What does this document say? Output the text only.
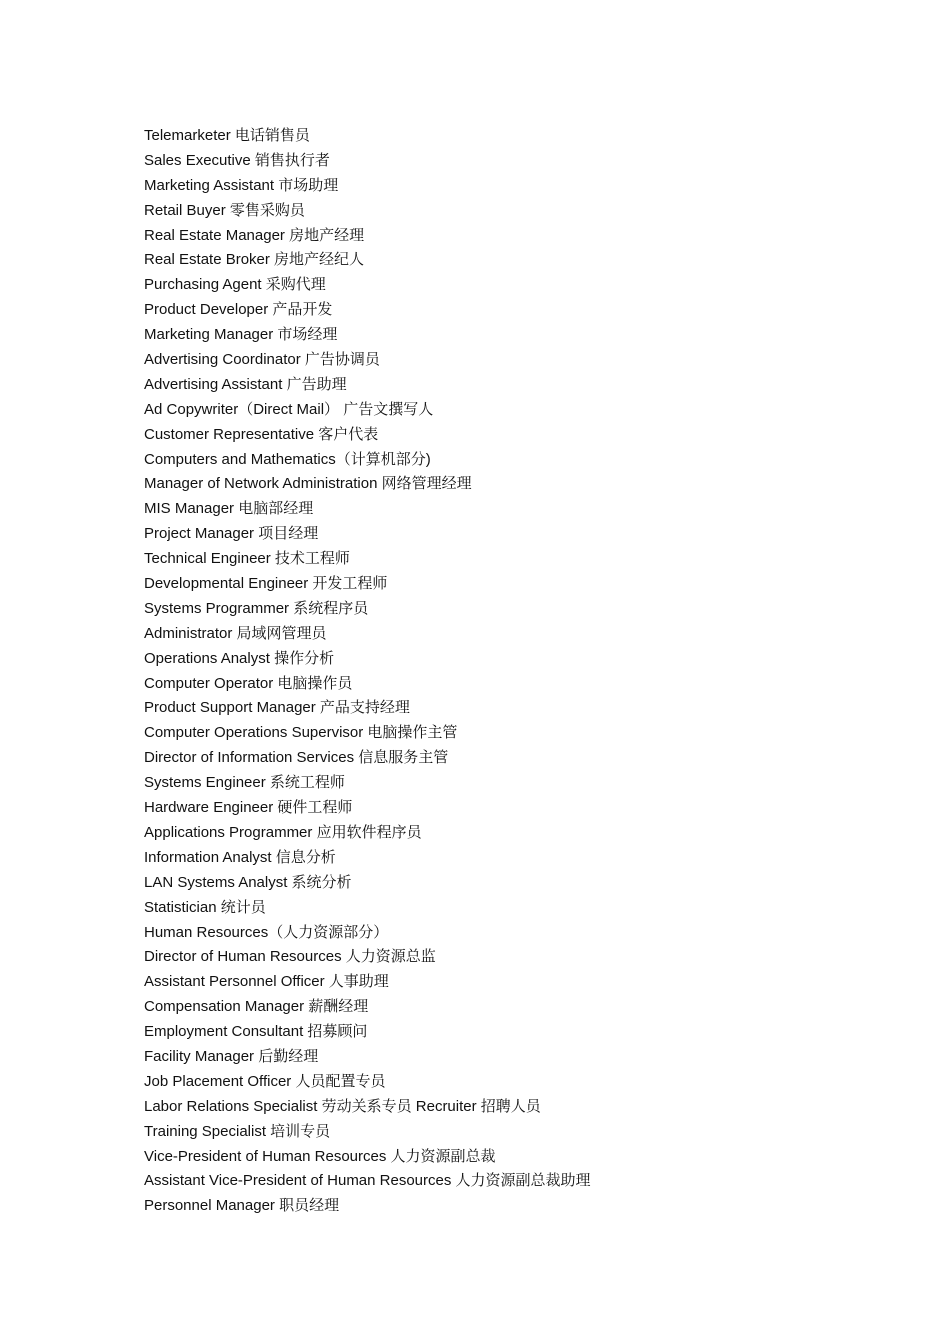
Telemarketer 电话销售员
Sales Executive 销售执行者
Marketing Assistant 市场助理
Retail Buyer 零售采购员
Real Estate Manager 房地产经理
Real Estate Broker 房地产经纪人
Purchasing Agent 采购代理
Product Developer 产品开发
Marketing Manager 市场经理
Advertising Coordinator 广告协调员
Advertising Assistant 广告助理
Ad Copywriter（Direct Mail） 广告文撰写人
Customer Representative 客户代表
Computers and Mathematics（计算机部分)
Manager of Network Administration 网络管理经理
MIS Manager 电脑部经理
Project Manager 项目经理
Technical Engineer 技术工程师
Developmental Engineer 开发工程师
Systems Programmer 系统程序员
Administrator 局域网管理员
Operations Analyst 操作分析
Computer Operator 电脑操作员
Product Support Manager 产品支持经理
Computer Operations Supervisor 电脑操作主管
Director of Information Services 信息服务主管
Systems Engineer 系统工程师
Hardware Engineer 硬件工程师
Applications Programmer 应用软件程序员
Information Analyst 信息分析
LAN Systems Analyst 系统分析
Statistician 统计员
Human Resources（人力资源部分）
Director of Human Resources 人力资源总监
Assistant Personnel Officer 人事助理
Compensation Manager 薪酬经理
Employment Consultant 招募顾问
Facility Manager 后勤经理
Job Placement Officer 人员配置专员
Labor Relations Specialist 劳动关系专员 Recruiter 招聘人员
Training Specialist 培训专员
Vice-President of Human Resources 人力资源副总裁
Assistant Vice-President of Human Resources 人力资源副总裁助理
Personnel Manager 职员经理
